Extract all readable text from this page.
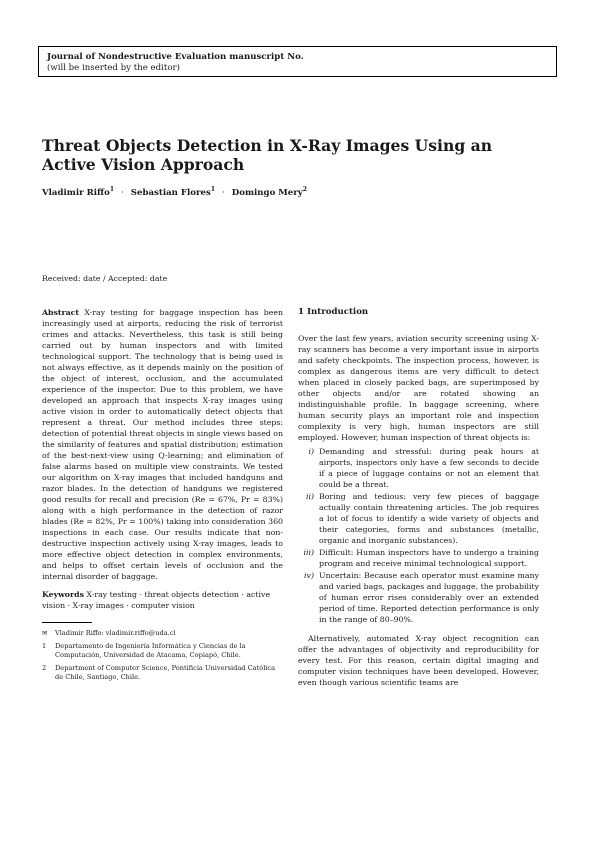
Journal of Nondestructive Evaluation manuscript No.
(will be inserted by the editor)
Threat Objects Detection in X-Ray Images Using an Active Vision Approach
Vladimir Riffo$^1$ · Sebastian Flores$^1$ · Domingo Mery$^2$
Received: date / Accepted: date

Abstract X-ray testing for baggage inspection has been increasingly used at airports, reducing the risk of terrorist crimes and attacks. Nevertheless, this task is still being carried out by human inspectors and with limited technological support. The technology that is being used is not always effective, as it depends mainly on the position of the object of interest, occlusion, and the accumulated experience of the inspector. Due to this problem, we have developed an approach that inspects X-ray images using active vision in order to automatically detect objects that represent a threat. Our method includes three steps: detection of potential threat objects in single views based on the similarity of features and spatial distribution; estimation of the best-next-view using Q-learning; and elimination of false alarms based on multiple view constraints. We tested our algorithm on X-ray images that included handguns and razor blades. In the detection of handguns we registered good results for recall and precision (Re = 67%, Pr = 83%) along with a high performance in the detection of razor blades (Re = 82%, Pr = 100%) taking into consideration 360 inspections in each case. Our results indicate that non-destructive inspection actively using X-ray images, leads to more effective object detection in complex environments, and helps to offset certain levels of occlusion and the internal disorder of baggage.

Keywords X-ray testing · threat objects detection · active vision · X-ray images · computer vision

✉ Vladimir Riffo: vladimir.riffo@uda.cl

1 Departamento de Ingeniería Informática y Ciencias de la Computación, Universidad de Atacama, Copiapó, Chile.

2 Department of Computer Science, Pontificia Universidad Católica de Chile, Santiago, Chile.

1 Introduction

Over the last few years, aviation security screening using X-ray scanners has become a very important issue in airports and safety checkpoints. The inspection process, however, is complex as dangerous items are very difficult to detect when placed in closely packed bags, are superimposed by other objects and/or are rotated showing an indistinguishable profile. In baggage screening, where human security plays an important role and inspection complexity is very high, human inspectors are still employed. However, human inspection of threat objects is:

i) Demanding and stressful: during peak hours at airports, inspectors only have a few seconds to decide if a piece of luggage contains or not an element that could be a threat.
ii) Boring and tedious: very few pieces of baggage actually contain threatening articles. The job requires a lot of focus to identify a wide variety of objects and their categories, forms and substances (metallic, organic and inorganic substances).
iii) Difficult: Human inspectors have to undergo a training program and receive minimal technological support.
iv) Uncertain: Because each operator must examine many and varied bags, packages and luggage, the probability of human error rises considerably over an extended period of time. Reported detection performance is only in the range of 80–90%.

Alternatively, automated X-ray object recognition can offer the advantages of objectivity and reproducibility for every test. For this reason, certain digital imaging and computer vision techniques have been developed. However, even though various scientific teams are
